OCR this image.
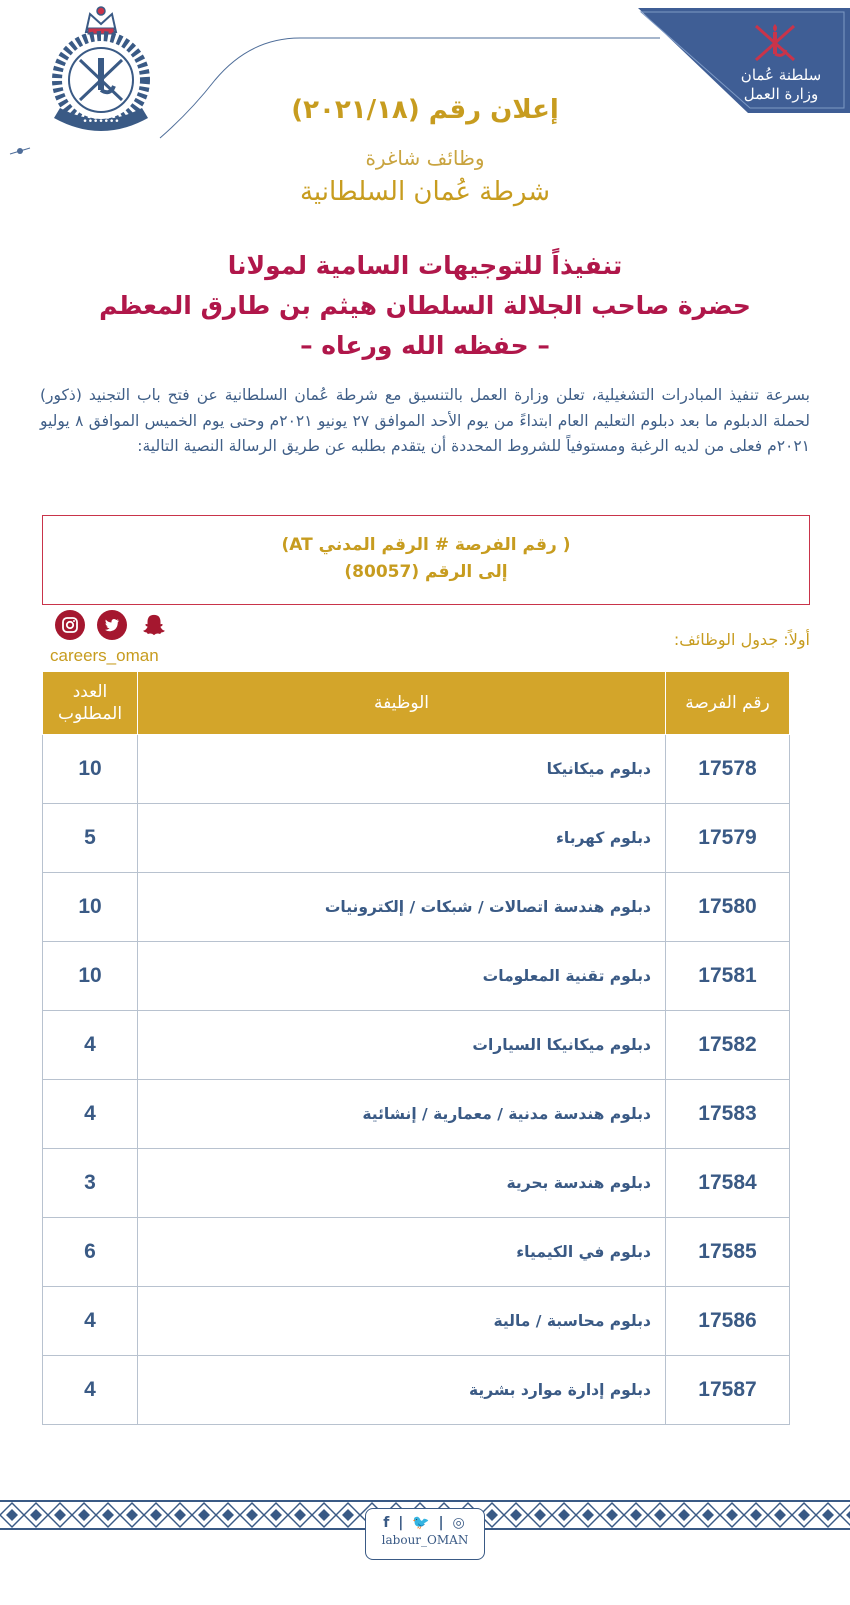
سلطنة عُمان
وزارة العمل
•••••••	إعلان رقم (٢٠٢١/١٨)
وظائف شاغرة
شرطة عُمان السلطانية
تنفيذاً للتوجيهات السامية لمولانا
حضرة صاحب الجلالة السلطان هيثم بن طارق المعظم
– حفظه الله ورعاه –

بسرعة تنفيذ المبادرات التشغيلية، تعلن وزارة العمل بالتنسيق مع شرطة عُمان السلطانية عن فتح باب التجنيد (ذكور) لحملة الدبلوم ما بعد دبلوم التعليم العام ابتداءً من يوم الأحد الموافق ٢٧ يونيو ٢٠٢١م وحتى يوم الخميس الموافق ٨ يوليو ٢٠٢١م فعلى من لديه الرغبة ومستوفياً للشروط المحددة أن يتقدم بطلبه عن طريق الرسالة النصية التالية:

( رقم الفرصة # الرقم المدني AT)
إلى الرقم (80057)
careers_oman
أولاً: جدول الوظائف:
رقم الفرصة	الوظيفة	العدد
المطلوب

17578	دبلوم ميكانيكا	10
17579	دبلوم كهرباء	5
17580	دبلوم هندسة اتصالات / شبكات / إلكترونيات	10
17581	دبلوم تقنية المعلومات	10
17582	دبلوم ميكانيكا السيارات	4
17583	دبلوم هندسة مدنية / معمارية / إنشائية	4
17584	دبلوم هندسة بحرية	3
17585	دبلوم في الكيمياء	6
17586	دبلوم محاسبة / مالية	4
17587	دبلوم إدارة موارد بشرية	4
f | 🐦 | ◎
labour_OMAN
